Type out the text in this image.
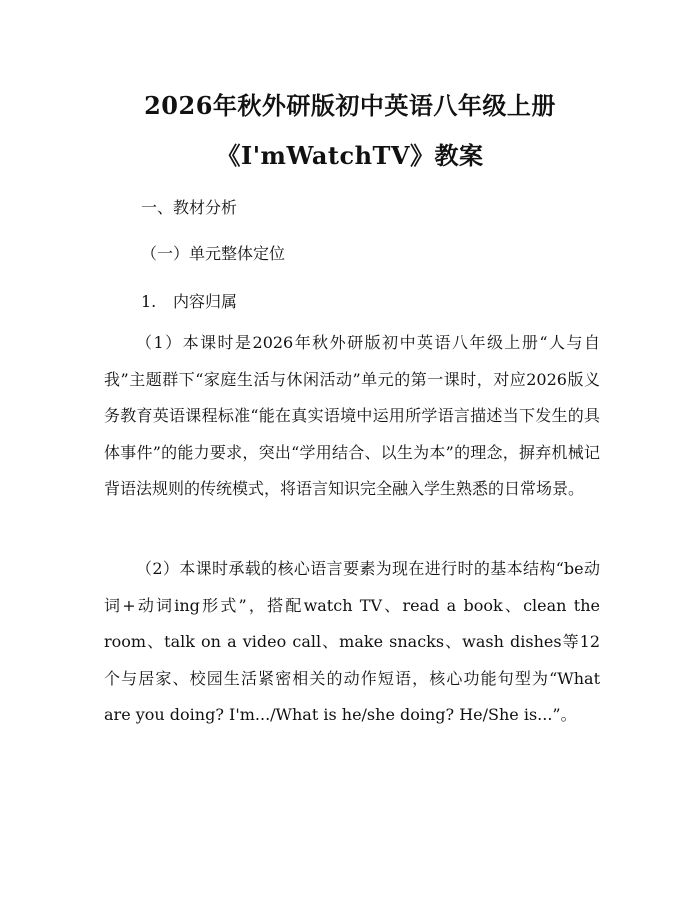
2026年秋外研版初中英语八年级上册
《I'mWatchTV》教案
一、教材分析
（一）单元整体定位
1. 内容归属

（1）本课时是2026年秋外研版初中英语八年级上册“人与自我”主题群下“家庭生活与休闲活动”单元的第一课时，对应2026版义务教育英语课程标准“能在真实语境中运用所学语言描述当下发生的具体事件”的能力要求，突出“学用结合、以生为本”的理念，摒弃机械记背语法规则的传统模式，将语言知识完全融入学生熟悉的日常场景。

（2）本课时承载的核心语言要素为现在进行时的基本结构“be动词+动词ing形式”，搭配watch TV、read a book、clean the room、talk on a video call、make snacks、wash dishes等12个与居家、校园生活紧密相关的动作短语，核心功能句型为“What are you doing? I'm.../What is he/she doing? He/She is...”。
